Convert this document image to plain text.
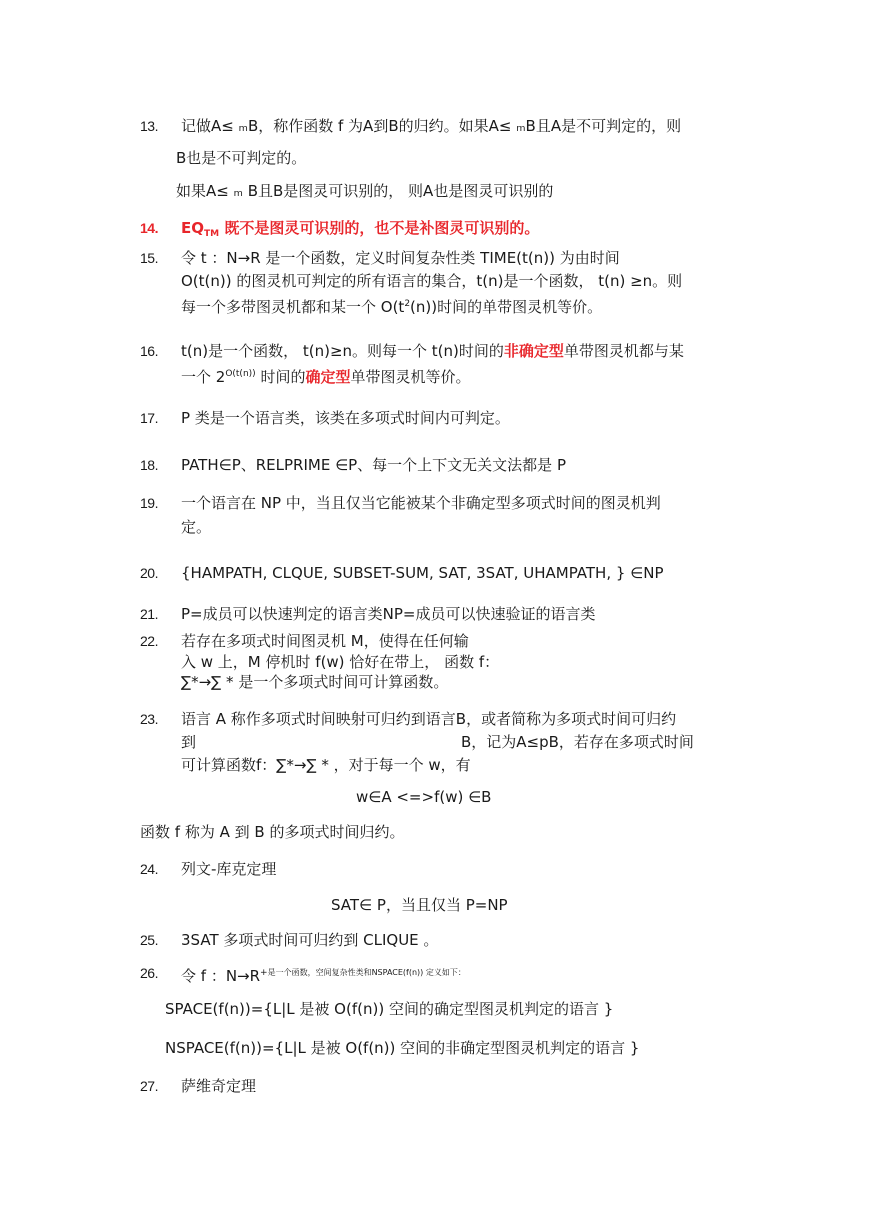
13. 记做A≤ ₘB，称作函数 f 为A到B的归约。如果A≤ ₘB且A是不可判定的，则
B也是不可判定的。
如果A≤ ₘ B且B是图灵可识别的， 则A也是图灵可识别的
14. $EQ_{TM}$ 既不是图灵可识别的，也不是补图灵可识别的。
15. 令 t ：N→R 是一个函数，定义时间复杂性类 TIME(t(n)) 为由时间
O(t(n)) 的图灵机可判定的所有语言的集合，t(n)是一个函数， t(n) ≥n。则
每一个多带图灵机都和某一个 $O(t^2(n))$时间的单带图灵机等价。
16. t(n)是一个函数， t(n)≥n。则每一个 t(n)时间的非确定型单带图灵机都与某
一个 $2^{O(t(n))}$ 时间的确定型单带图灵机等价。
17. P 类是一个语言类，该类在多项式时间内可判定。
18. PATH∈P、RELPRIME ∈P、每一个上下文无关文法都是 P
19. 一个语言在 NP 中，当且仅当它能被某个非确定型多项式时间的图灵机判
定。
20. {HAMPATH, CLQUE, SUBSET-SUM, SAT, 3SAT, UHAMPATH, } ∈NP
21. P=成员可以快速判定的语言类NP=成员可以快速验证的语言类
22. 若存在多项式时间图灵机 M，使得在任何输
入 w 上，M 停机时 f(w) 恰好在带上， 函数 f：
∑*→∑ * 是一个多项式时间可计算函数。
23. 语言 A 称作多项式时间映射可归约到语言B，或者简称为多项式时间可归约
到	B，记为A≤pB，若存在多项式时间
可计算函数f：∑*→∑ * ，对于每一个 w，有
w∈A <=>f(w) ∈B
函数 f 称为 A 到 B 的多项式时间归约。
24. 列文-库克定理
SAT∈ P，当且仅当 P=NP
25. 3SAT 多项式时间可归约到 CLIQUE 。
26. 令 f ：$N\to R^{+是一个函数,空间复杂性类和NSPACE(f(n)) 定义如下:}$
SPACE(f(n))={L|L 是被 O(f(n)) 空间的确定型图灵机判定的语言 }
NSPACE(f(n))={L|L 是被 O(f(n)) 空间的非确定型图灵机判定的语言 }
27. 萨维奇定理
